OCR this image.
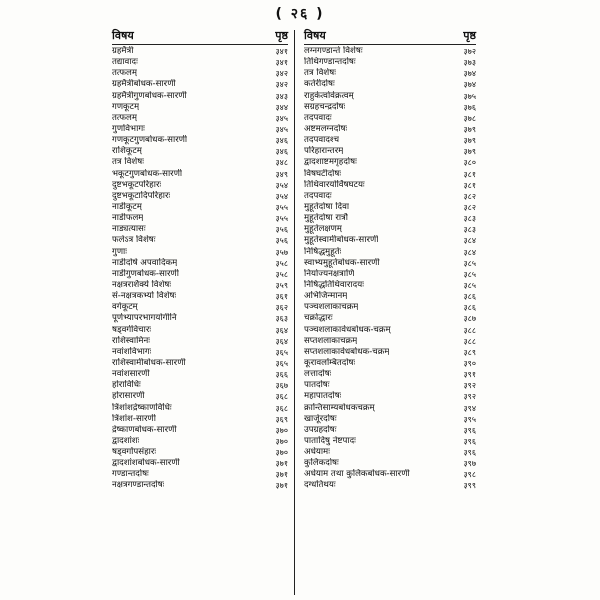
( २६ )
विषय	पृष्ठ
ग्रहमैत्री	३४१
तद्यावादः	३४१
तत्फलम्	३४२
ग्रहमैत्रीबोधक-सारणी	३४२
ग्रहमैत्रीगुणबोधक-सारणी	३४३
गणकूटम्	३४४
तत्फलम्	३४५
गुणविभागः	३४५
गणकूटगुणबोधक-सारणी	३४६
राशिकूटम्	३४६
तत्र विशेषः	३४८
भकूटगुणबोधक-सारणी	३४९
दुष्टभकूटपरिहारः	३५४
दुष्टभकूटादिपरिहारः	३५४
नाडीकूटम्	३५५
नाडीफलम्	३५५
नाड्यत्यासः	३५६
फलेऽत्र विशेषः	३५६
गुणाः	३५७
नाडीदोषे अपवादिकम्	३५८
नाडीगुणबोधक-सारणी	३५८
नक्षत्रराशैक्ये विशेषः	३५९
सं-नक्षत्रकभ्यो विशेषः	३६१
वर्गकूटम्	३६२
पूर्णभ्यापरभागयोगीनि	३६३
षड्वर्गविचारः	३६४
राशिस्वामिनः	३६४
नवांशविभागः	३६५
राशिस्वामीबोधक-सारणी	३६५
नवांशसारणी	३६६
होराविधिः	३६७
होरासारणी	३६८
त्रिंशांशद्रेष्काणविधिः	३६८
त्रिंशांश-सारणी	३६९
द्रेष्काणबोधक-सारणी	३७०
द्वादशांशः	३७०
षड्वर्गोपसंहारः	३७०
द्वादशांशबोधक-सारणी	३७१
गण्डान्तदोषः	३७१
नक्षत्रगण्डान्तदोषः	३७१
विषय	पृष्ठ
लग्नगण्डान्ते विशेषः	३७२
तिथिगण्डान्तदोषः	३७३
तत्र विशेषः	३७४
कर्तरीदोषः	३७४
राहुकेत्वोर्वक्रत्वम्	३७५
सग्रहचन्द्रदोषः	३७६
तदपवादः	३७८
अष्टमलग्नदोषः	३७९
तदपवादश्च	३७९
परिहारान्तरम्	३७९
द्वादशाष्टमगृहदोषः	३८०
विषघटीदोषः	३८१
तिथिवारयोर्विषघटयः	३८१
तदपवादः	३८२
मुहूर्तदोषा दिवा	३८२
मुहूर्तदोषा रात्रौ	३८३
मुहूर्तलक्षणम्	३८३
मुहूर्तस्वामीबोधक-सारणी	३८४
निषिद्धमुहूर्तः	३८४
स्वाभ्यमुहूर्तबोधक-सारणी	३८५
नियोज्यनक्षत्राणि	३८५
निषिद्धतिथिवारादयः	३८५
अभिजिन्मानम्	३८६
पञ्चशलाकाचक्रम्	३८६
चक्रोद्धारः	३८७
पञ्चशलाकावेधबोधक-चक्रम्	३८८
सप्तशलाकाचक्रम्	३८८
सप्तशलाकावेधबोधक-चक्रम्	३८९
कूरावलम्बितदोषः	३९०
लत्तादोषः	३९१
पातदोषः	३९२
महापातदोषः	३९२
क्रान्तिसाम्यबोधकचक्रम्	३९४
खार्जूरदोषः	३९५
उपग्रहदोषः	३९६
पातादिषु नेष्टपादः	३९६
अर्धयामः	३९६
कुलिकदोषः	३९७
अर्धयाम तथा कुलिकबोधक-सारणी	३९८
दग्धतिथयः	३९९
